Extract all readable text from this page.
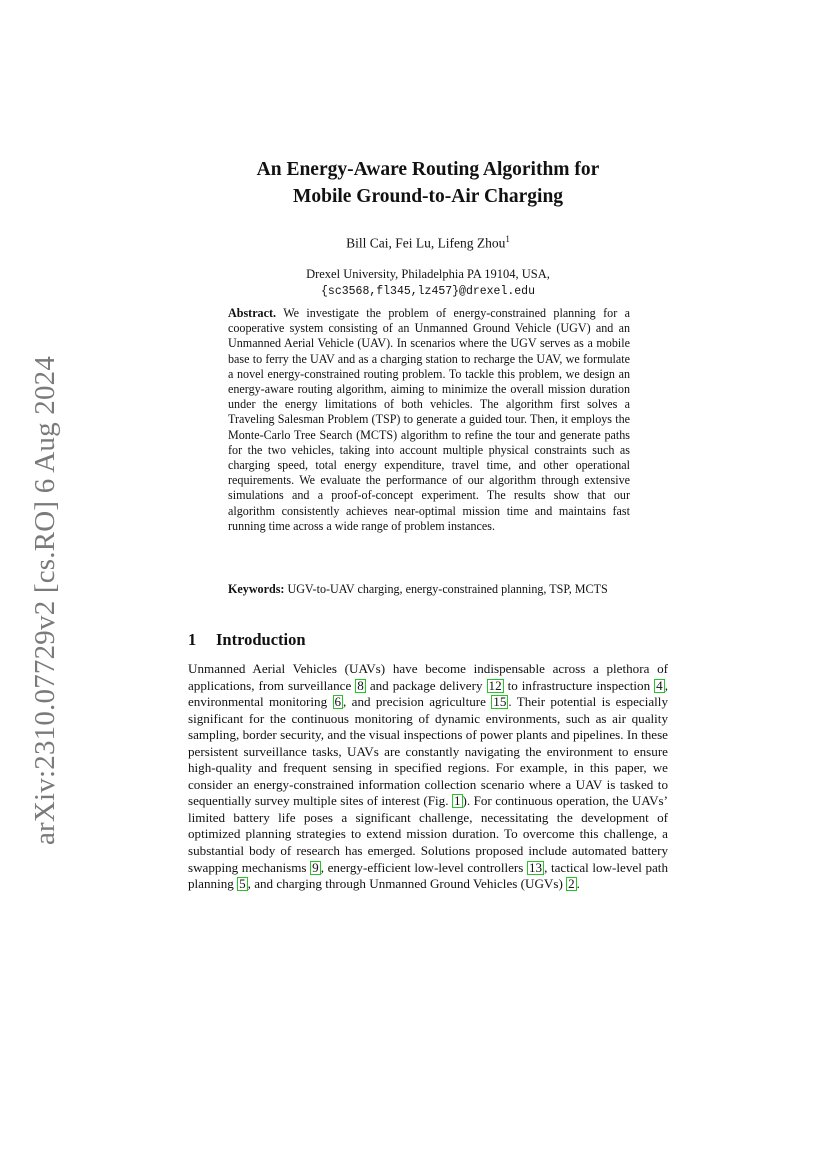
arXiv:2310.07729v2 [cs.RO] 6 Aug 2024
An Energy-Aware Routing Algorithm for
Mobile Ground-to-Air Charging
Bill Cai, Fei Lu, Lifeng Zhou$^1$
Drexel University, Philadelphia PA 19104, USA,
{sc3568,fl345,lz457}@drexel.edu
Abstract. We investigate the problem of energy-constrained planning for a cooperative system consisting of an Unmanned Ground Vehicle (UGV) and an Unmanned Aerial Vehicle (UAV). In scenarios where the UGV serves as a mobile base to ferry the UAV and as a charging station to recharge the UAV, we formulate a novel energy-constrained routing problem. To tackle this problem, we design an energy-aware routing algorithm, aiming to minimize the overall mission duration under the energy limitations of both vehicles. The algorithm first solves a Traveling Salesman Problem (TSP) to generate a guided tour. Then, it employs the Monte-Carlo Tree Search (MCTS) algorithm to refine the tour and generate paths for the two vehicles, taking into account multiple physical constraints such as charging speed, total energy expenditure, travel time, and other operational requirements. We evaluate the performance of our algorithm through extensive simulations and a proof-of-concept experiment. The results show that our algorithm consistently achieves near-optimal mission time and maintains fast running time across a wide range of problem instances.
Keywords: UGV-to-UAV charging, energy-constrained planning, TSP, MCTS
1 Introduction
Unmanned Aerial Vehicles (UAVs) have become indispensable across a plethora of applications, from surveillance 8 and package delivery 12 to infrastructure inspection 4 , environmental monitoring 6 , and precision agriculture 15 . Their potential is especially significant for the continuous monitoring of dynamic environments, such as air quality sampling, border security, and the visual inspections of power plants and pipelines. In these persistent surveillance tasks, UAVs are constantly navigating the environment to ensure high-quality and frequent sensing in specified regions. For example, in this paper, we consider an energy-constrained information collection scenario where a UAV is tasked to sequentially survey multiple sites of interest (Fig. 1 ). For continuous operation, the UAVs’ limited battery life poses a significant challenge, necessitating the development of optimized planning strategies to extend mission duration. To overcome this challenge, a substantial body of research has emerged. Solutions proposed include automated battery swapping mechanisms 9 , energy-efficient low-level controllers 13 , tactical low-level path planning 5 , and charging through Unmanned Ground Vehicles (UGVs) 2 .
